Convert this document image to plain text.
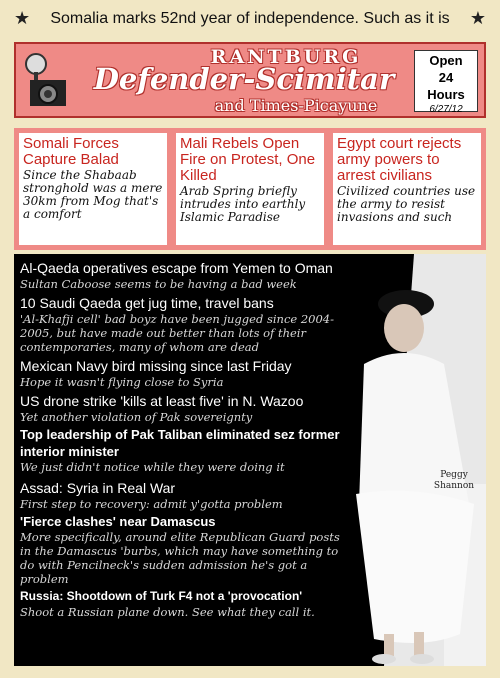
★ Somalia marks 52nd year of independence. Such as it is ★
RANTBURG
Defender-Scimitar
and Times-Picayune
Open
24
Hours
6/27/12
Somali Forces Capture Balad
Since the Shabaab stronghold was a mere 30km from Mog that's a comfort
Mali Rebels Open Fire on Protest, One Killed
Arab Spring briefly intrudes into earthly Islamic Paradise
Egypt court rejects army powers to arrest civilians
Civilized countries use the army to resist invasions and such
Al-Qaeda operatives escape from Yemen to Oman
Sultan Caboose seems to be having a bad week
10 Saudi Qaeda get jug time, travel bans
'Al-Khafji cell' bad boyz have been jugged since 2004-2005, but have made out better than lots of their contemporaries, many of whom are dead
Mexican Navy bird missing since last Friday
Hope it wasn't flying close to Syria
US drone strike 'kills at least five' in N. Wazoo
Yet another violation of Pak sovereignty
Top leadership of Pak Taliban eliminated sez former interior minister
We just didn't notice while they were doing it
Assad: Syria in Real War
First step to recovery: admit y'gotta problem
'Fierce clashes' near Damascus
More specifically, around elite Republican Guard posts in the Damascus 'burbs, which may have something to do with Pencilneck's sudden admission he's got a problem
Russia: Shootdown of Turk F4 not a 'provocation'
Shoot a Russian plane down. See what they call it.
Peggy
Shannon
